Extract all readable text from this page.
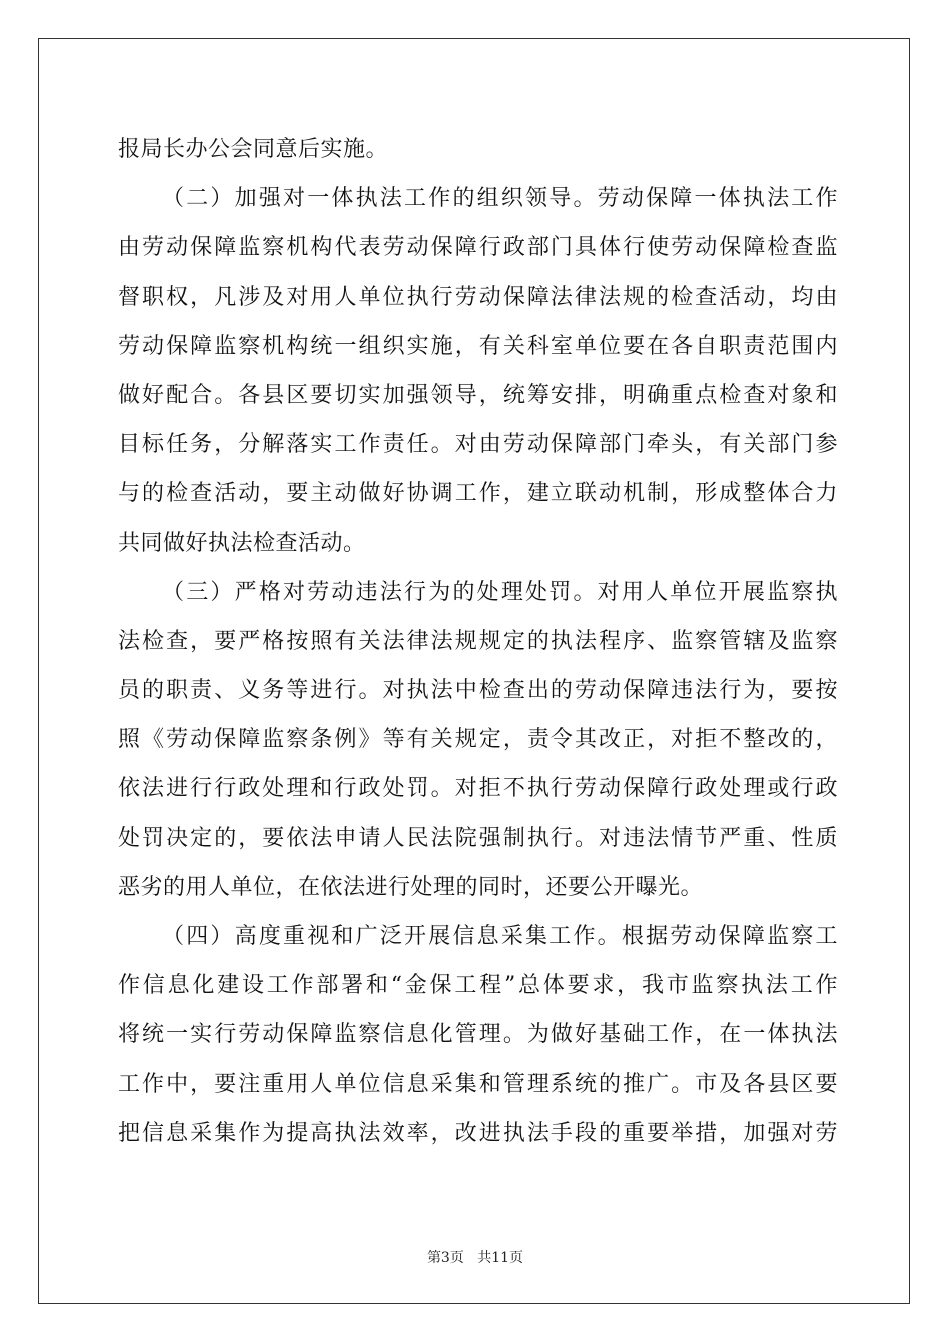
报局长办公会同意后实施。
（二）加强对一体执法工作的组织领导。劳动保障一体执法工作
由劳动保障监察机构代表劳动保障行政部门具体行使劳动保障检查监
督职权，凡涉及对用人单位执行劳动保障法律法规的检查活动，均由
劳动保障监察机构统一组织实施，有关科室单位要在各自职责范围内
做好配合。各县区要切实加强领导，统筹安排，明确重点检查对象和
目标任务，分解落实工作责任。对由劳动保障部门牵头，有关部门参
与的检查活动，要主动做好协调工作，建立联动机制，形成整体合力
共同做好执法检查活动。
（三）严格对劳动违法行为的处理处罚。对用人单位开展监察执
法检查，要严格按照有关法律法规规定的执法程序、监察管辖及监察
员的职责、义务等进行。对执法中检查出的劳动保障违法行为，要按
照《劳动保障监察条例》等有关规定，责令其改正，对拒不整改的，
依法进行行政处理和行政处罚。对拒不执行劳动保障行政处理或行政
处罚决定的，要依法申请人民法院强制执行。对违法情节严重、性质
恶劣的用人单位，在依法进行处理的同时，还要公开曝光。
（四）高度重视和广泛开展信息采集工作。根据劳动保障监察工
作信息化建设工作部署和“金保工程”总体要求，我市监察执法工作
将统一实行劳动保障监察信息化管理。为做好基础工作，在一体执法
工作中，要注重用人单位信息采集和管理系统的推广。市及各县区要
把信息采集作为提高执法效率，改进执法手段的重要举措，加强对劳
第3页 共11页
